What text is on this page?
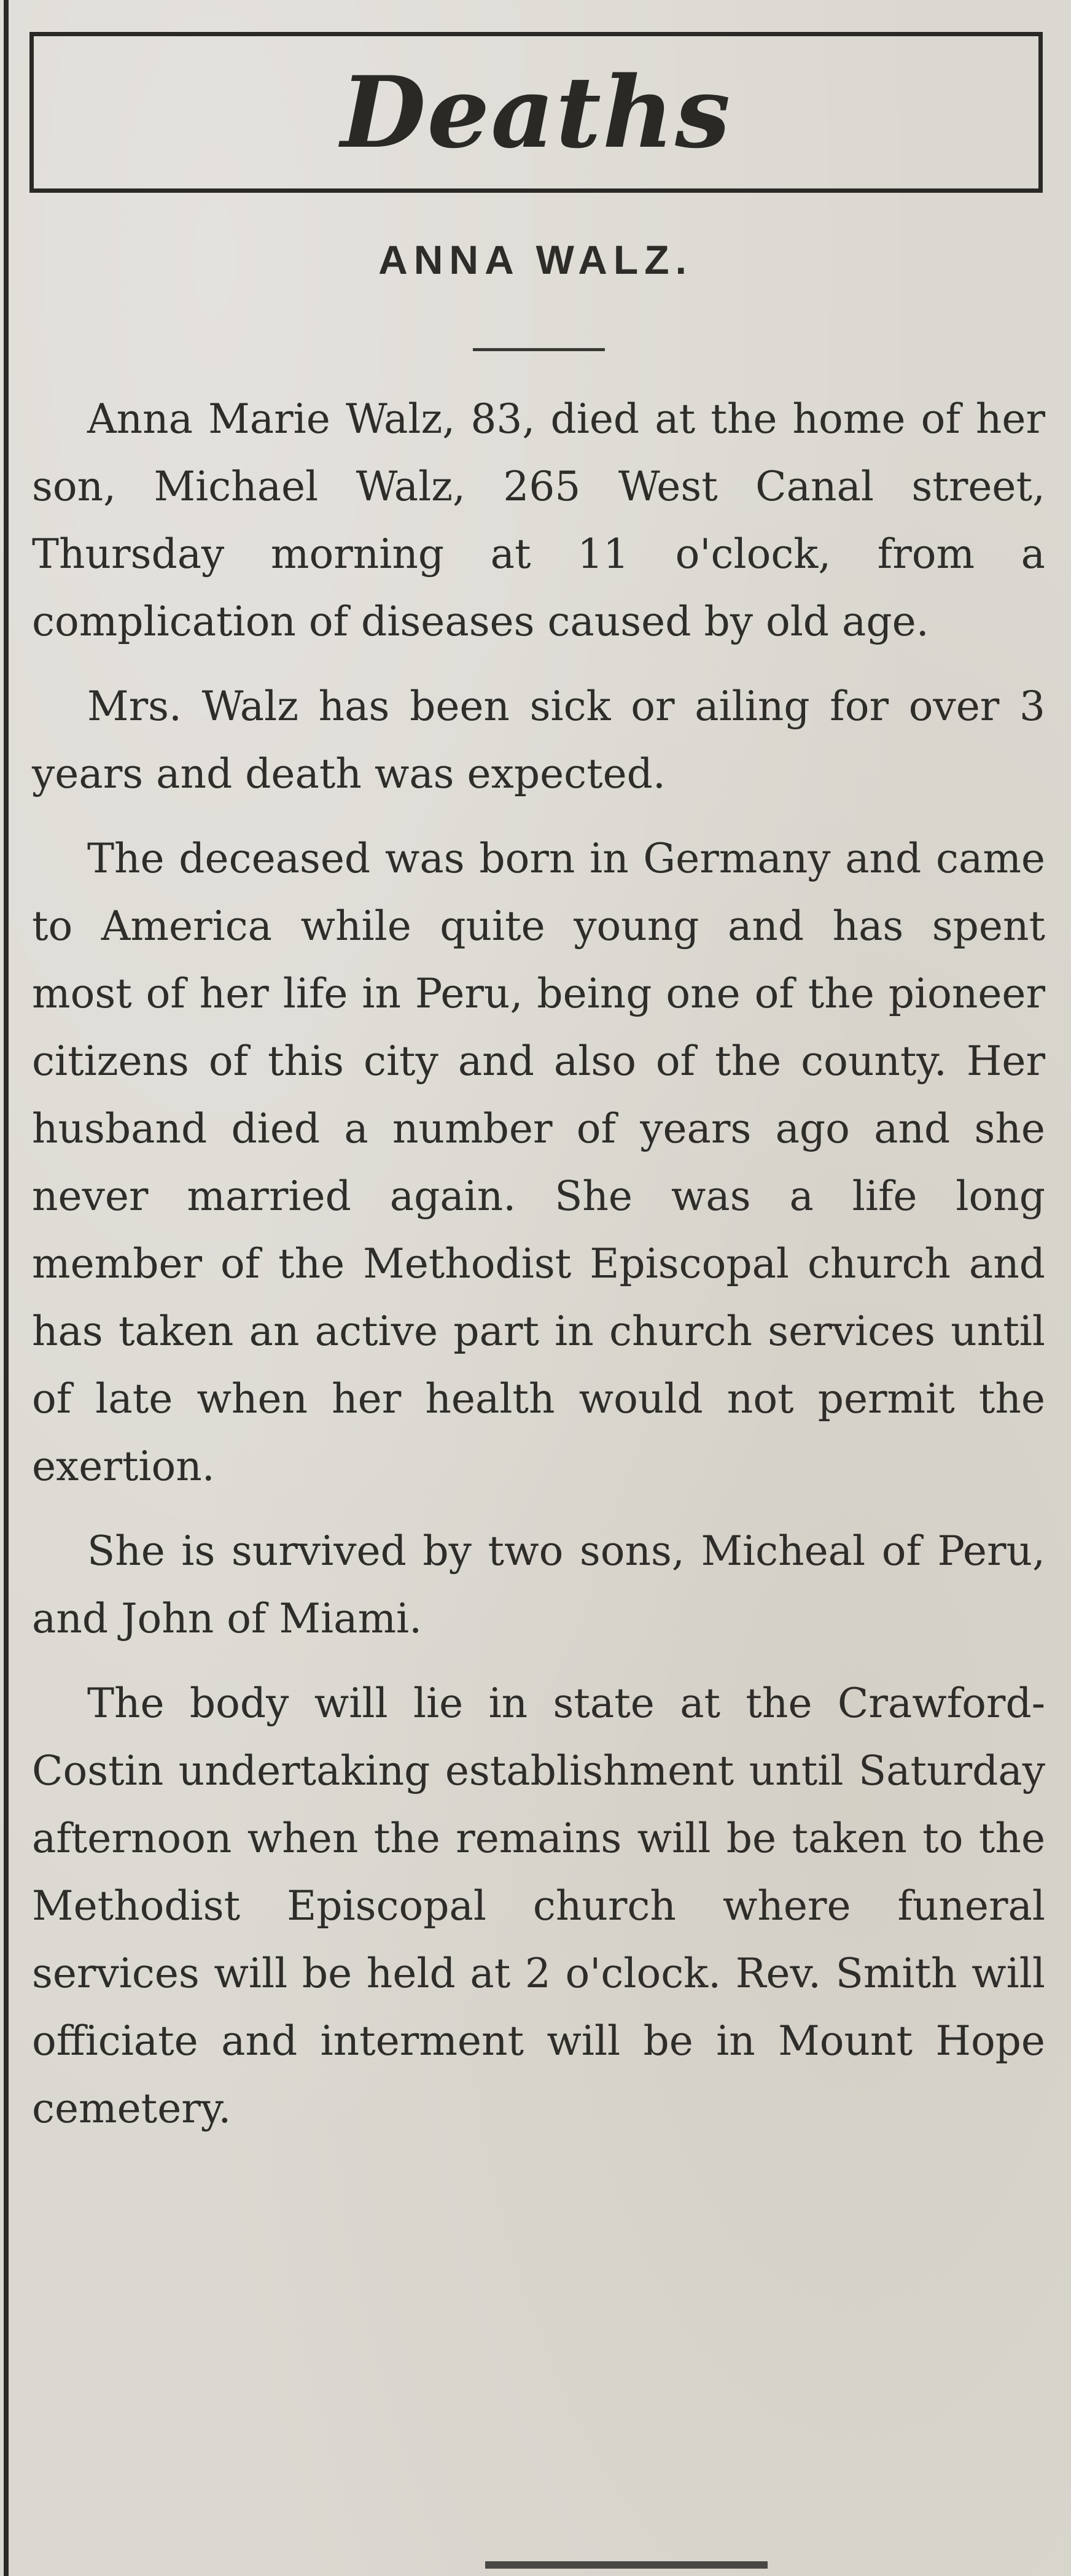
Deaths
ANNA WALZ.

Anna Marie Walz, 83, died at the home of her son, Michael Walz, 265 West Canal street, Thursday morning at 11 o'clock, from a complication of diseases caused by old age.

Mrs. Walz has been sick or ailing for over 3 years and death was expected.

The deceased was born in Germany and came to America while quite young and has spent most of her life in Peru, being one of the pioneer citizens of this city and also of the county. Her husband died a number of years ago and she never married again. She was a life long member of the Methodist Episcopal church and has taken an active part in church services until of late when her health would not permit the exertion.

She is survived by two sons, Micheal of Peru, and John of Miami.

The body will lie in state at the Crawford-Costin undertaking establishment until Saturday afternoon when the remains will be taken to the Methodist Episcopal church where funeral services will be held at 2 o'clock. Rev. Smith will officiate and interment will be in Mount Hope cemetery.
